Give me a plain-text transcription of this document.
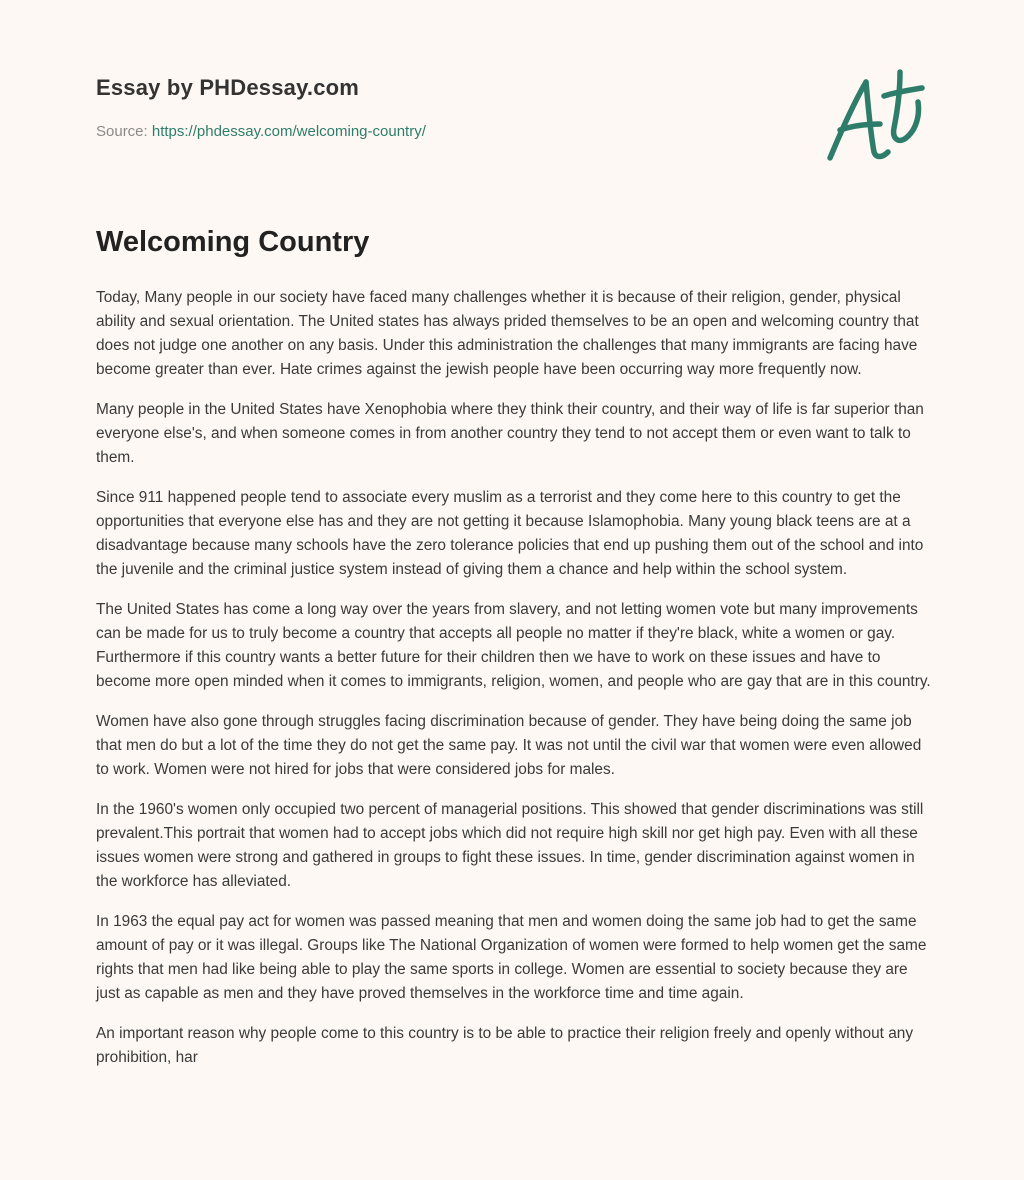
Essay by PHDessay.com
Source: https://phdessay.com/welcoming-country/
Welcoming Country

Today, Many people in our society have faced many challenges whether it is because of their religion, gender, physical ability and sexual orientation. The United states has always prided themselves to be an open and welcoming country that does not judge one another on any basis. Under this administration the challenges that many immigrants are facing have become greater than ever. Hate crimes against the jewish people have been occurring way more frequently now.

Many people in the United States have Xenophobia where they think their country, and their way of life is far superior than everyone else's, and when someone comes in from another country they tend to not accept them or even want to talk to them.

Since 911 happened people tend to associate every muslim as a terrorist and they come here to this country to get the opportunities that everyone else has and they are not getting it because Islamophobia. Many young black teens are at a disadvantage because many schools have the zero tolerance policies that end up pushing them out of the school and into the juvenile and the criminal justice system instead of giving them a chance and help within the school system.

The United States has come a long way over the years from slavery, and not letting women vote but many improvements can be made for us to truly become a country that accepts all people no matter if they're black, white a women or gay. Furthermore if this country wants a better future for their children then we have to work on these issues and have to become more open minded when it comes to immigrants, religion, women, and people who are gay that are in this country.

Women have also gone through struggles facing discrimination because of gender. They have being doing the same job that men do but a lot of the time they do not get the same pay. It was not until the civil war that women were even allowed to work. Women were not hired for jobs that were considered jobs for males.

In the 1960's women only occupied two percent of managerial positions. This showed that gender discriminations was still prevalent.This portrait that women had to accept jobs which did not require high skill nor get high pay. Even with all these issues women were strong and gathered in groups to fight these issues. In time, gender discrimination against women in the workforce has alleviated.

In 1963 the equal pay act for women was passed meaning that men and women doing the same job had to get the same amount of pay or it was illegal. Groups like The National Organization of women were formed to help women get the same rights that men had like being able to play the same sports in college. Women are essential to society because they are just as capable as men and they have proved themselves in the workforce time and time again.

An important reason why people come to this country is to be able to practice their religion freely and openly without any prohibition, har
